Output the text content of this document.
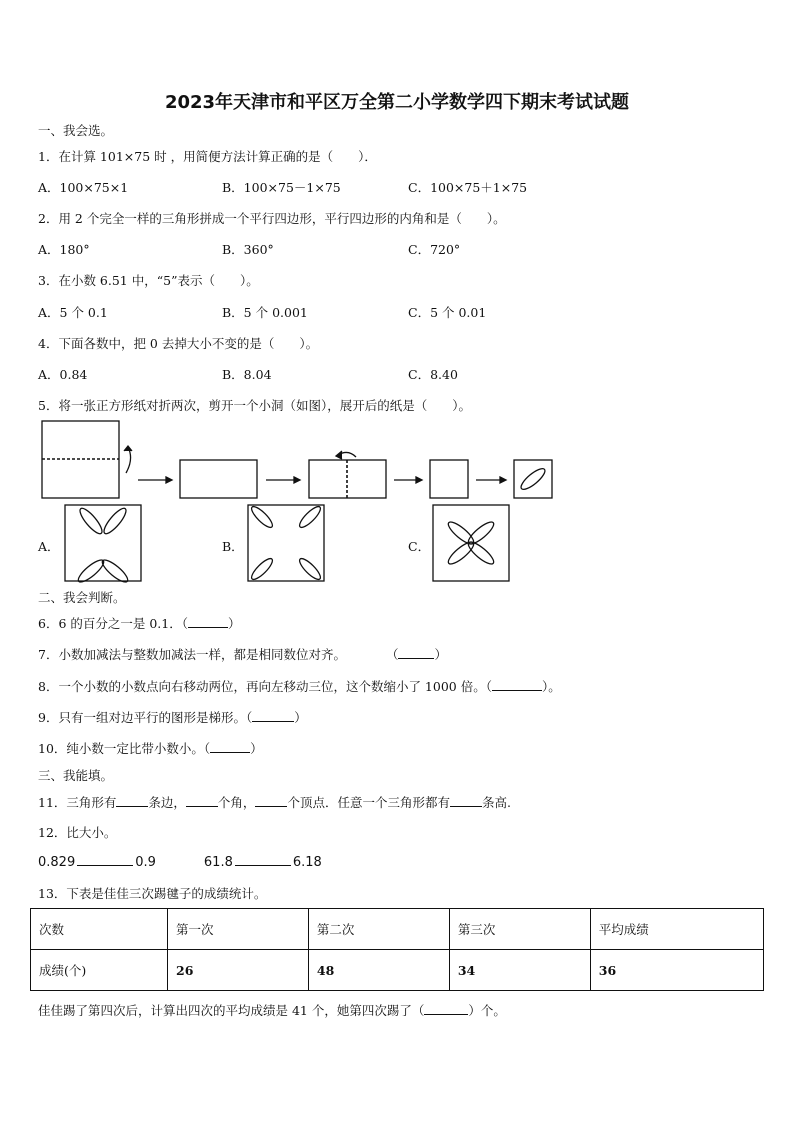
2023年天津市和平区万全第二小学数学四下期末考试试题
一、我会选。
1．在计算 101×75 时 ，用简便方法计算正确的是（　　）．
A．100×75×1	B．100×75－1×75	C．100×75＋1×75
2．用 2 个完全一样的三角形拼成一个平行四边形，平行四边形的内角和是（　　）。
A．180°	B．360°	C．720°
3．在小数 6.51 中，“5”表示（　　）。
A．5 个 0.1	B．5 个 0.001	C．5 个 0.01
4．下面各数中，把 0 去掉大小不变的是（　　）。
A．0.84	B．8.04	C．8.40
5．将一张正方形纸对折两次，剪开一个小洞（如图），展开后的纸是（　　）。
A．	B．	C．
二、我会判断。
6．6 的百分之一是 0.1．（	）
7．小数加减法与整数加减法一样，都是相同数位对齐。	（	）
8．一个小数的小数点向右移动两位，再向左移动三位，这个数缩小了 1000 倍。（	）。
9．只有一组对边平行的图形是梯形。（	）
10．纯小数一定比带小数小。（	）
三、我能填。
11．三角形有	条边，	个角，	个顶点．任意一个三角形都有	条高.
12．比大小。
0.829	0.9	61.8	6.18
13．下表是佳佳三次踢毽子的成绩统计。
次数	第一次	第二次	第三次	平均成绩
成绩(个)	26	48	34	36
佳佳踢了第四次后，计算出四次的平均成绩是 41 个，她第四次踢了（	）个。
